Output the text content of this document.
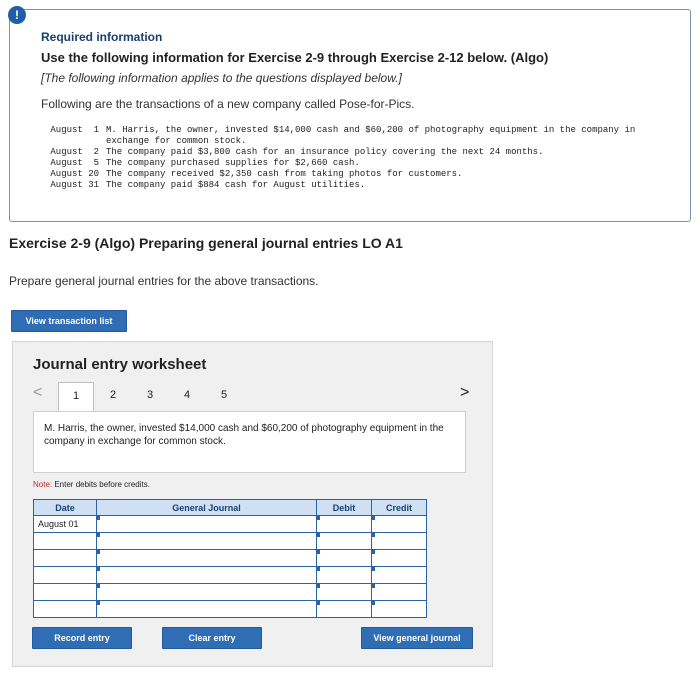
!
Required information
Use the following information for Exercise 2-9 through Exercise 2-12 below. (Algo)
[The following information applies to the questions displayed below.]
Following are the transactions of a new company called Pose-for-Pics.
August  1 M. Harris, the owner, invested $14,000 cash and $60,200 of photography equipment in the company in exchange for common stock.
August  2 The company paid $3,800 cash for an insurance policy covering the next 24 months.
August  5 The company purchased supplies for $2,660 cash.
August 20 The company received $2,350 cash from taking photos for customers.
August 31 The company paid $884 cash for August utilities.
Exercise 2-9 (Algo) Preparing general journal entries LO A1
Prepare general journal entries for the above transactions.
View transaction list
Journal entry worksheet
<	1	2	3	4	5	>
M. Harris, the owner, invested $14,000 cash and $60,200 of photography equipment in the company in exchange for common stock.
Note: Enter debits before credits.
Date	General Journal	Debit	Credit
August 01			

Record entry	Clear entry	View general journal
